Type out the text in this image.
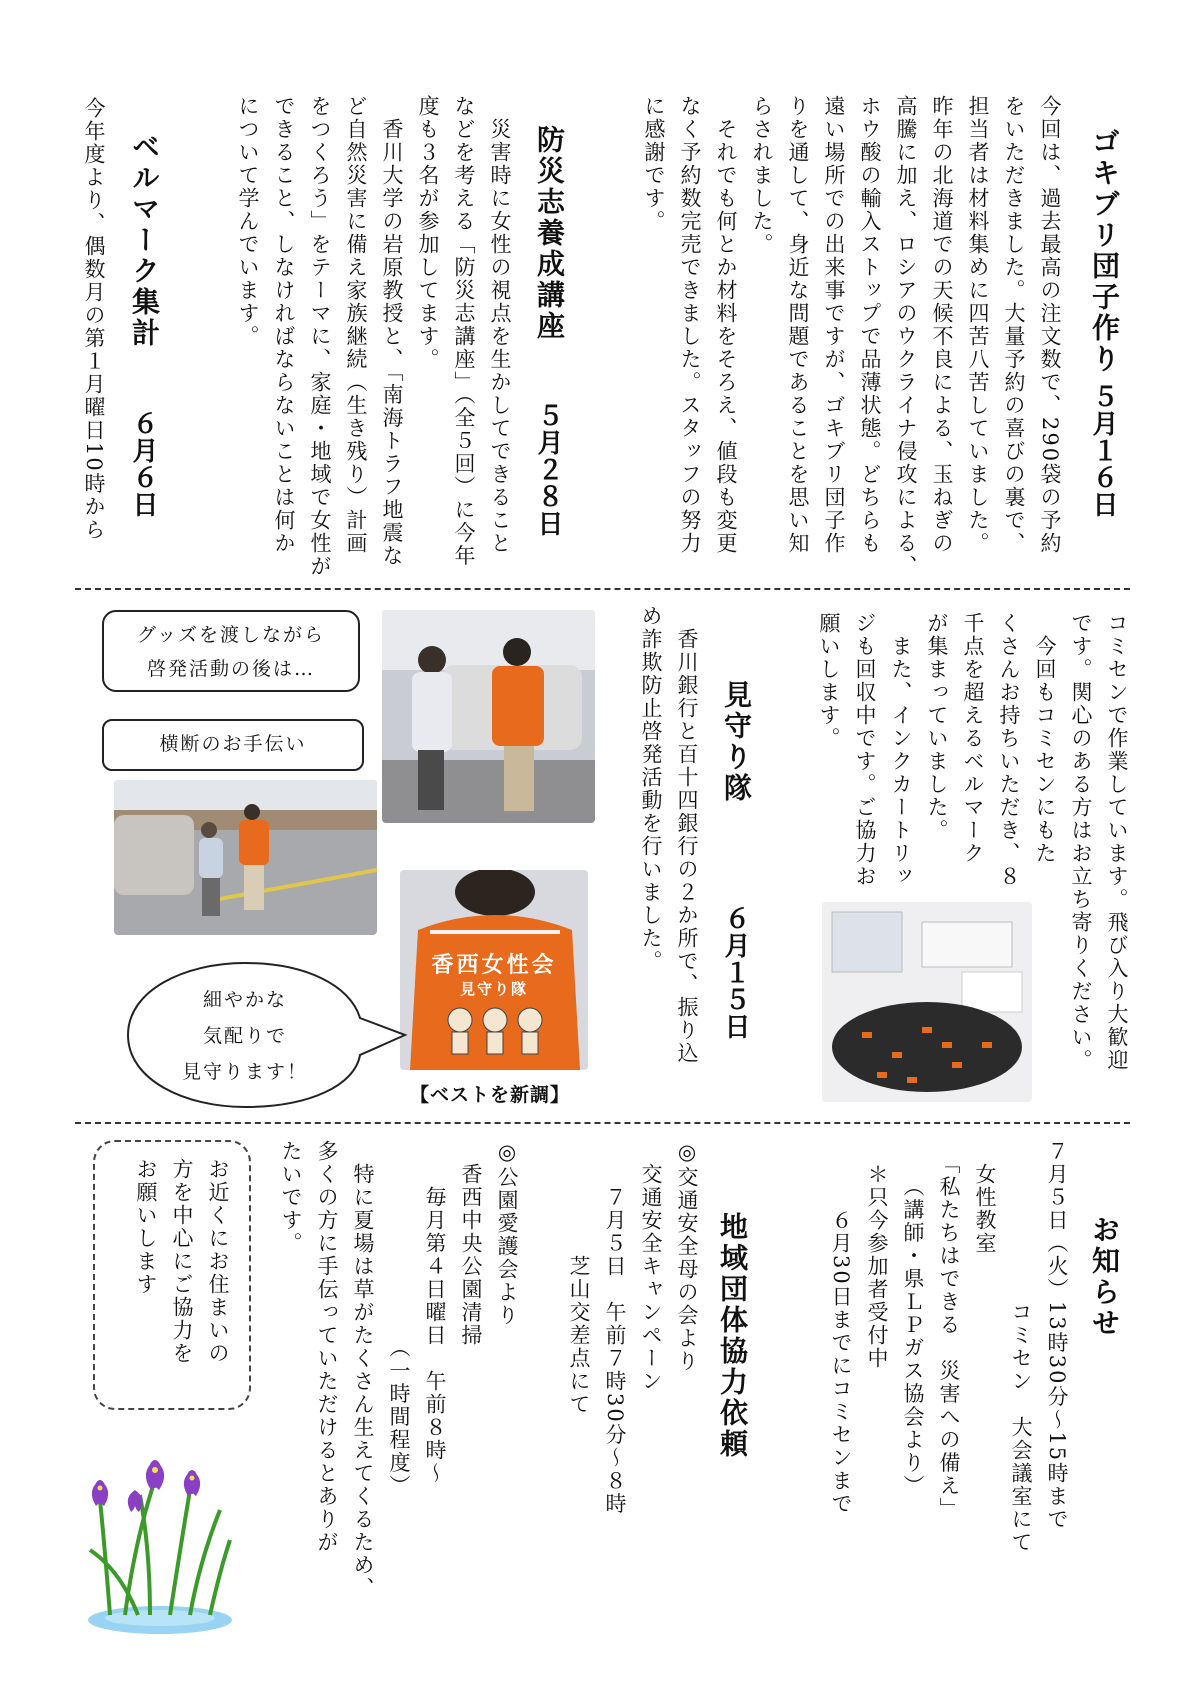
ゴキブリ団子作り
５月１６日
今回は、過去最高の注文数で、290袋の予約
をいただきました。大量予約の喜びの裏で、
担当者は材料集めに四苦八苦していました。
昨年の北海道での天候不良による、玉ねぎの
高騰に加え、ロシアのウクライナ侵攻による、
ホウ酸の輸入ストップで品薄状態。どちらも
遠い場所での出来事ですが、ゴキブリ団子作
りを通して、身近な問題であることを思い知
らされました。
　それでも何とか材料をそろえ、値段も変更
なく予約数完売できました。スタッフの努力
に感謝です。
防災志養成講座
５月２８日
　災害時に女性の視点を生かしてできること
などを考える「防災志講座」（全５回）に今年
度も３名が参加してます。
　香川大学の岩原教授と、「南海トラフ地震な
ど自然災害に備え家族継続（生き残り）計画
をつくろう」をテーマに、家庭・地域で女性が
できること、しなければならないことは何か
について学んでいます。
ベルマーク集計
６月６日
今年度より、偶数月の第１月曜日10時から
コミセンで作業しています。飛び入り大歓迎
です。関心のある方はお立ち寄りください。
　今回もコミセンにもた
くさんお持ちいただき、８
千点を超えるベルマーク
が集まっていました。
　また、インクカートリッ
ジも回収中です。ご協力お
願いします。
見守り隊
６月１５日
　香川銀行と百十四銀行の２か所で、振り込
め詐欺防止啓発活動を行いました。
グッズを渡しながら
啓発活動の後は…
横断のお手伝い
香西女性会
見守り隊
【ベストを新調】
細やかな
気配りで
見守ります！
お知らせ
７月５日（火）13時30分～15時まで
　　　　　　　コミセン　大会議室にて
　女性教室
　「私たちはできる　災害への備え」
　　（講師・県ＬＰガス協会より）
　＊只今参加者受付中
　　　６月30日までにコミセンまで
地域団体協力依頼
◎交通安全母の会より
　交通安全キャンペーン
　　７月５日　午前７時30分～８時
　　　　　芝山交差点にて

◎公園愛護会より
　香西中央公園清掃
　　毎月第４日曜日　午前８時～
　　　　　　　　　（一時間程度）
　特に夏場は草がたくさん生えてくるため、
多くの方に手伝っていただけるとありが
たいです。
お近くにお住まいの
方を中心にご協力を
お願いします
